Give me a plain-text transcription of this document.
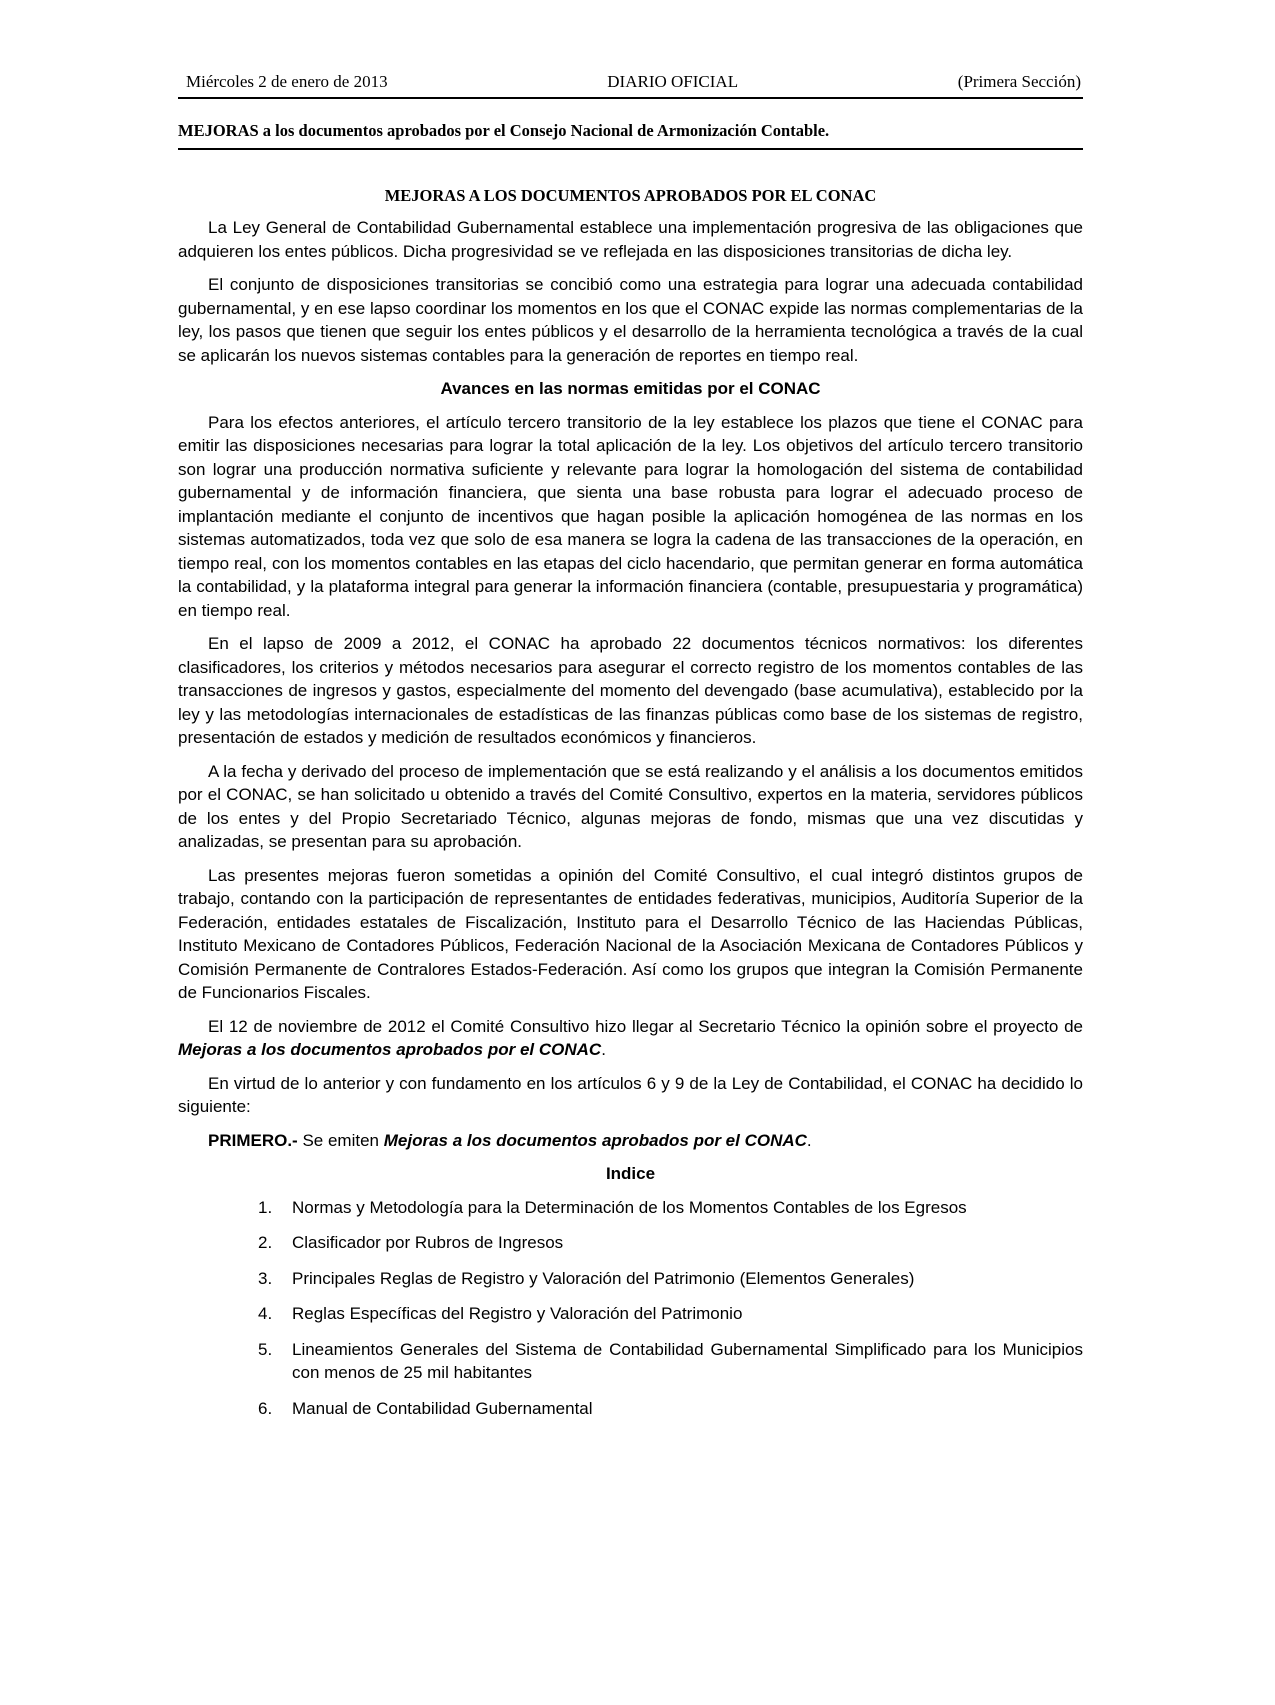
Miércoles 2 de enero de 2013	DIARIO OFICIAL	(Primera Sección)
MEJORAS a los documentos aprobados por el Consejo Nacional de Armonización Contable.
MEJORAS A LOS DOCUMENTOS APROBADOS POR EL CONAC

La Ley General de Contabilidad Gubernamental establece una implementación progresiva de las obligaciones que adquieren los entes públicos. Dicha progresividad se ve reflejada en las disposiciones transitorias de dicha ley.

El conjunto de disposiciones transitorias se concibió como una estrategia para lograr una adecuada contabilidad gubernamental, y en ese lapso coordinar los momentos en los que el CONAC expide las normas complementarias de la ley, los pasos que tienen que seguir los entes públicos y el desarrollo de la herramienta tecnológica a través de la cual se aplicarán los nuevos sistemas contables para la generación de reportes en tiempo real.

Avances en las normas emitidas por el CONAC

Para los efectos anteriores, el artículo tercero transitorio de la ley establece los plazos que tiene el CONAC para emitir las disposiciones necesarias para lograr la total aplicación de la ley. Los objetivos del artículo tercero transitorio son lograr una producción normativa suficiente y relevante para lograr la homologación del sistema de contabilidad gubernamental y de información financiera, que sienta una base robusta para lograr el adecuado proceso de implantación mediante el conjunto de incentivos que hagan posible la aplicación homogénea de las normas en los sistemas automatizados, toda vez que solo de esa manera se logra la cadena de las transacciones de la operación, en tiempo real, con los momentos contables en las etapas del ciclo hacendario, que permitan generar en forma automática la contabilidad, y la plataforma integral para generar la información financiera (contable, presupuestaria y programática) en tiempo real.

En el lapso de 2009 a 2012, el CONAC ha aprobado 22 documentos técnicos normativos: los diferentes clasificadores, los criterios y métodos necesarios para asegurar el correcto registro de los momentos contables de las transacciones de ingresos y gastos, especialmente del momento del devengado (base acumulativa), establecido por la ley y las metodologías internacionales de estadísticas de las finanzas públicas como base de los sistemas de registro, presentación de estados y medición de resultados económicos y financieros.

A la fecha y derivado del proceso de implementación que se está realizando y el análisis a los documentos emitidos por el CONAC, se han solicitado u obtenido a través del Comité Consultivo, expertos en la materia, servidores públicos de los entes y del Propio Secretariado Técnico, algunas mejoras de fondo, mismas que una vez discutidas y analizadas, se presentan para su aprobación.

Las presentes mejoras fueron sometidas a opinión del Comité Consultivo, el cual integró distintos grupos de trabajo, contando con la participación de representantes de entidades federativas, municipios, Auditoría Superior de la Federación, entidades estatales de Fiscalización, Instituto para el Desarrollo Técnico de las Haciendas Públicas, Instituto Mexicano de Contadores Públicos, Federación Nacional de la Asociación Mexicana de Contadores Públicos y Comisión Permanente de Contralores Estados-Federación. Así como los grupos que integran la Comisión Permanente de Funcionarios Fiscales.

El 12 de noviembre de 2012 el Comité Consultivo hizo llegar al Secretario Técnico la opinión sobre el proyecto de Mejoras a los documentos aprobados por el CONAC.

En virtud de lo anterior y con fundamento en los artículos 6 y 9 de la Ley de Contabilidad, el CONAC ha decidido lo siguiente:

PRIMERO.- Se emiten Mejoras a los documentos aprobados por el CONAC.
Indice
1.	Normas y Metodología para la Determinación de los Momentos Contables de los Egresos
2.	Clasificador por Rubros de Ingresos
3.	Principales Reglas de Registro y Valoración del Patrimonio (Elementos Generales)
4.	Reglas Específicas del Registro y Valoración del Patrimonio
5.	Lineamientos Generales del Sistema de Contabilidad Gubernamental Simplificado para los Municipios con menos de 25 mil habitantes
6.	Manual de Contabilidad Gubernamental
